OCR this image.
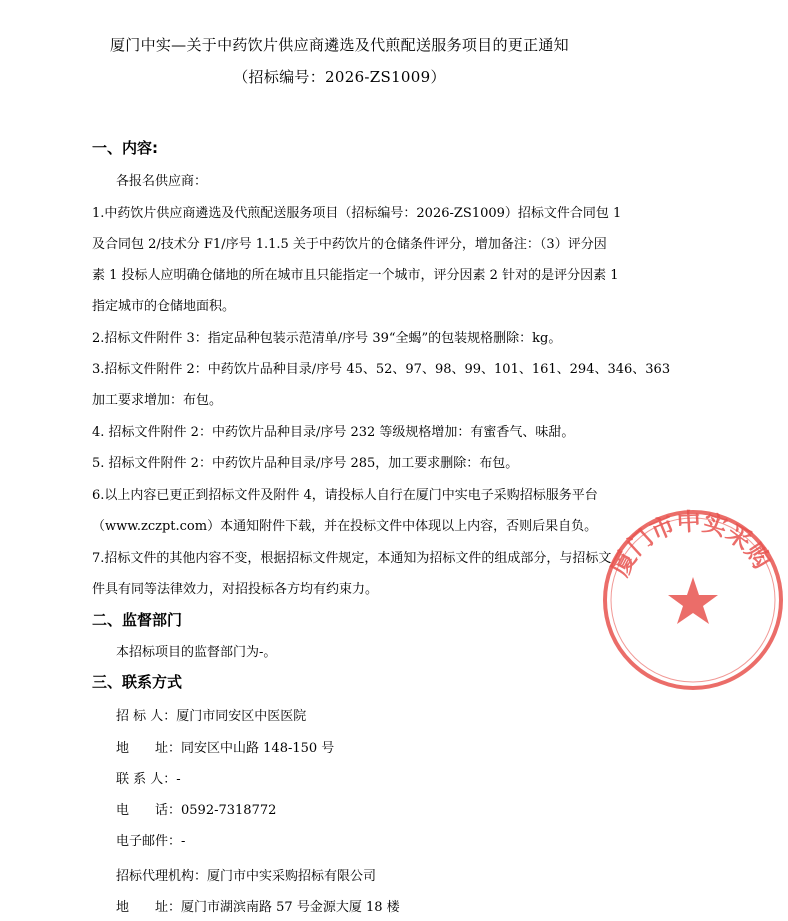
厦门中实—关于中药饮片供应商遴选及代煎配送服务项目的更正通知
（招标编号：2026-ZS1009）
一、内容:
各报名供应商：
1.中药饮片供应商遴选及代煎配送服务项目（招标编号：2026-ZS1009）招标文件合同包 1
及合同包 2/技术分 F1/序号 1.1.5 关于中药饮片的仓储条件评分，增加备注：（3）评分因
素 1 投标人应明确仓储地的所在城市且只能指定一个城市，评分因素 2 针对的是评分因素 1
指定城市的仓储地面积。
2.招标文件附件 3：指定品种包装示范清单/序号 39“全蝎”的包装规格删除：kg。
3.招标文件附件 2：中药饮片品种目录/序号 45、52、97、98、99、101、161、294、346、363
加工要求增加：布包。
4. 招标文件附件 2：中药饮片品种目录/序号 232 等级规格增加：有蜜香气、味甜。
5. 招标文件附件 2：中药饮片品种目录/序号 285，加工要求删除：布包。
6.以上内容已更正到招标文件及附件 4，请投标人自行在厦门中实电子采购招标服务平台
（www.zczpt.com）本通知附件下载，并在投标文件中体现以上内容，否则后果自负。
7.招标文件的其他内容不变，根据招标文件规定，本通知为招标文件的组成部分，与招标文
件具有同等法律效力，对招投标各方均有约束力。
二、监督部门
本招标项目的监督部门为-。
三、联系方式
招 标 人：厦门市同安区中医医院
地　　址：同安区中山路 148-150 号
联 系 人：-
电　　话：0592-7318772
电子邮件：-
招标代理机构：厦门市中实采购招标有限公司
地　　址：厦门市湖滨南路 57 号金源大厦 18 楼
厦门市中实采购
